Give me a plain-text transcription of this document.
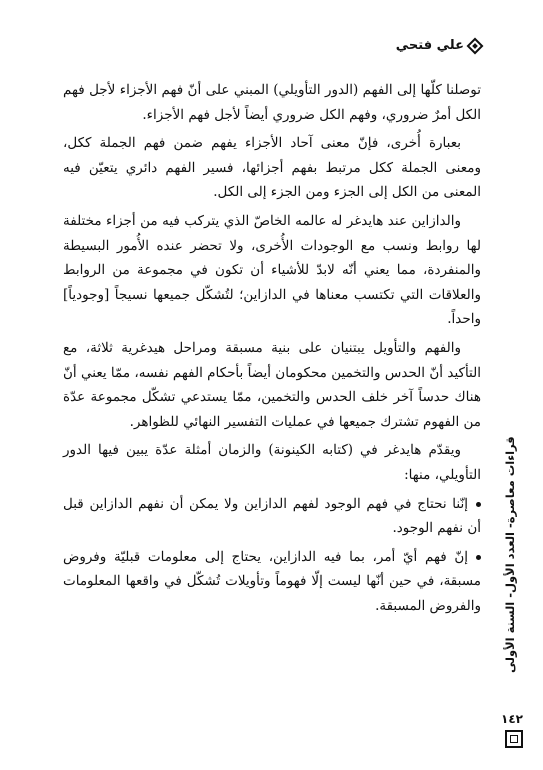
علي فتحي

توصلنا كلّها إلى الفهم (الدور التأويلي) المبني على أنّ فهم الأجزاء لأجل فهم الكل أمرٌ ضروري، وفهم الكل ضروري أيضاً لأجل فهم الأجزاء.

بعبارة أُخرى، فإنّ معنى آحاد الأجزاء يفهم ضمن فهم الجملة ككل، ومعنى الجملة ككل مرتبط بفهم أجزائها، فسير الفهم دائري يتعيّن فيه المعنى من الكل إلى الجزء ومن الجزء إلى الكل.

والدازاين عند هايدغر له عالمه الخاصّ الذي يتركب فيه من أجزاء مختلفة لها روابط ونسب مع الوجودات الأُخرى، ولا تحضر عنده الأُمور البسيطة والمنفردة، مما يعني أنّه لابدّ للأشياء أن تكون في مجموعة من الروابط والعلاقات التي تكتسب معناها في الدازاين؛ لتُشكّل جميعها نسيجاً [وجودياً] واحداً.

والفهم والتأويل يبتنيان على بنية مسبقة ومراحل هيدغرية ثلاثة، مع التأكيد أنّ الحدس والتخمين محكومان أيضاً بأحكام الفهم نفسه، ممّا يعني أنّ هناك حدساً آخر خلف الحدس والتخمين، ممّا يستدعي تشكّل مجموعة عدّة من الفهوم تشترك جميعها في عمليات التفسير النهائي للظواهر.

ويقدّم هايدغر في (كتابه الكينونة) والزمان أمثلة عدّة يبين فيها الدور التأويلي، منها:

إنّنا نحتاج في فهم الوجود لفهم الدازاين ولا يمكن أن نفهم الدازاين قبل أن نفهم الوجود.

إنّ فهم أيّ أمر، بما فيه الدازاين، يحتاج إلى معلومات قبليّة وفروض مسبقة، في حين أنّها ليست إلّا فهوماً وتأويلات تُشكّل في واقعها المعلومات والفروض المسبقة. قراءات معاصرة- العدد الأول- السنة الأولى
١٤٢
